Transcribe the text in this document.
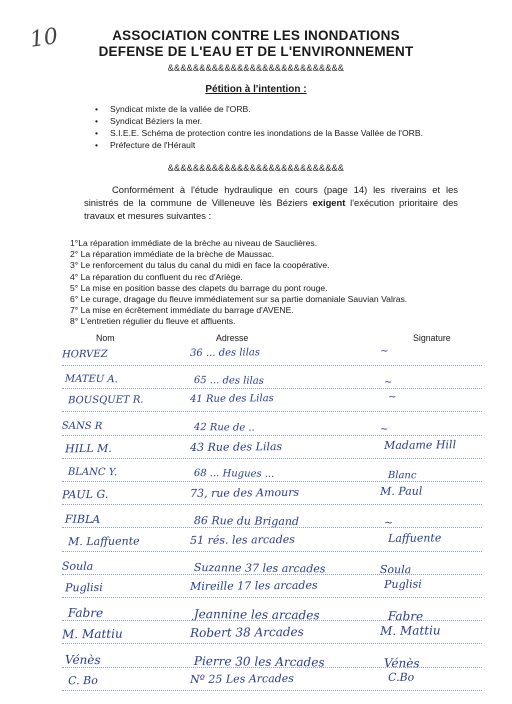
10	ASSOCIATION CONTRE LES INONDATIONS
DEFENSE DE L'EAU ET DE L'ENVIRONNEMENT
&&&&&&&&&&&&&&&&&&&&&&&&&&&&
Pétition à l'intention :
• Syndicat mixte de la vallée de l'ORB.
• Syndicat Béziers la mer.
• S.I.E.E. Schéma de protection contre les inondations de la Basse Vallée de l'ORB.
• Préfecture de l'Hérault
&&&&&&&&&&&&&&&&&&&&&&&&&&&&
Conformément à l'étude hydraulique en cours (page 14) les riverains et les sinistrés de la commune de Villeneuve lès Béziers exigent l'exécution prioritaire des travaux et mesures suivantes :
1°La réparation immédiate de la brèche au niveau de Sauclières.
2° La réparation immédiate de la brèche de Maussac.
3° Le renforcement du talus du canal du midi en face la coopérative.
4° La réparation du confluent du rec d'Ariège.
5° La mise en position basse des clapets du barrage du pont rouge.
6° Le curage, dragage du fleuve immédiatement sur sa partie domaniale Sauvian Valras.
7° La mise en écrêtement immédiate du barrage d'AVENE.
8° L'entretien régulier du fleuve et affluents.
Nom	Adresse	Signature
HORVEZ	36 ... des lilas	~
MATEU A.	65 ... des lilas	~
BOUSQUET R.	41 Rue des Lilas	~
SANS R	42 Rue de ..	~
HILL M.	43 Rue des Lilas	Madame Hill
BLANC Y.	68 ... Hugues ...	Blanc
PAUL G.	73, rue des Amours	M. Paul
FIBLA	86 Rue du Brigand	~
M. Laffuente	51 rés. les arcades	Laffuente
Soula	Suzanne 37 les arcades	Soula
Puglisi	Mireille 17 les arcades	Puglisi
Fabre	Jeannine les arcades	Fabre
M. Mattiu	Robert 38 Arcades	M. Mattiu
Vénès	Pierre 30 les Arcades	Vénès
C. Bo	Nº 25 Les Arcades	C.Bo
